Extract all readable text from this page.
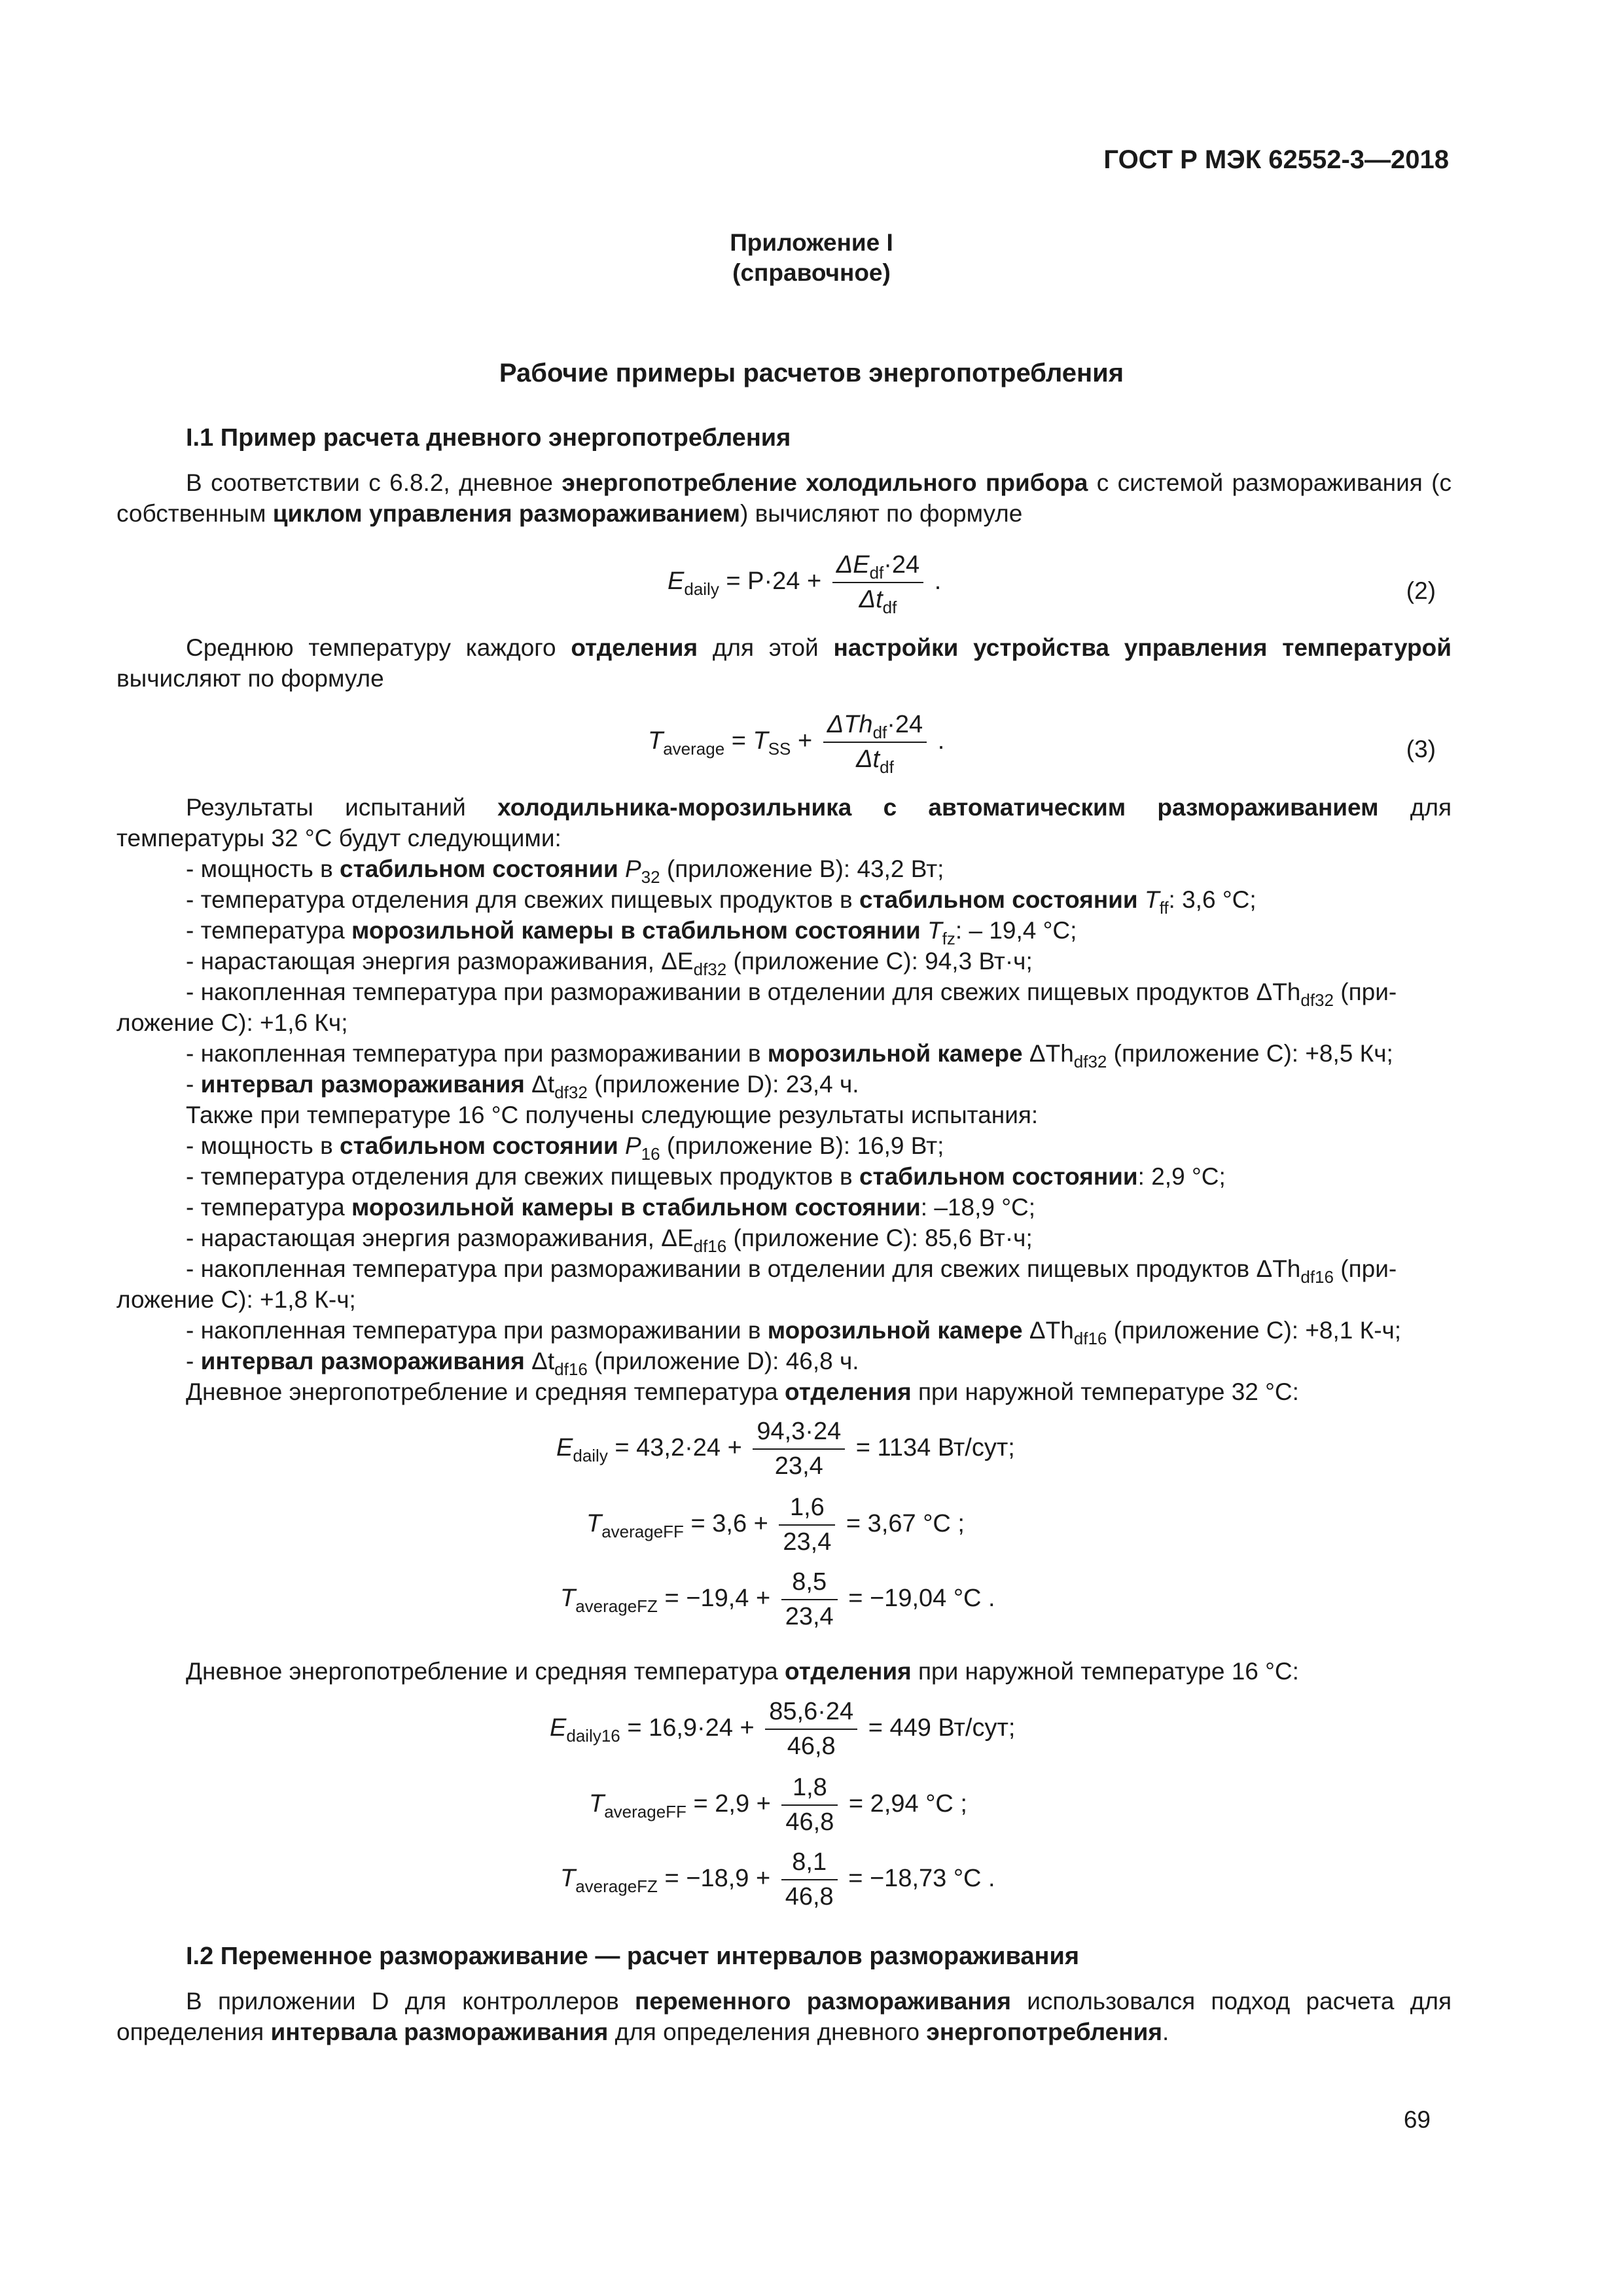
ГОСТ Р МЭК 62552-3—2018
Приложение I
(справочное)
Рабочие примеры расчетов энергопотребления
I.1 Пример расчета дневного энергопотребления
В соответствии с 6.8.2, дневное энергопотребление холодильного прибора с системой размораживания (с собственным циклом управления размораживанием) вычисляют по формуле
$E_{daily} = P\cdot 24 + \frac{\Delta E_{df}\cdot 24}{\Delta t_{df}}$ .	(2)
Среднюю температуру каждого отделения для этой настройки устройства управления температурой вычисляют по формуле
$T_{average} = T_{SS} + \frac{\Delta Th_{df}\cdot 24}{\Delta t_{df}}$ .	(3)
Результаты испытаний холодильника-морозильника с автоматическим размораживанием для температуры 32 °С будут следующими:
- мощность в стабильном состоянии $P_{32}$ (приложение В): 43,2 Вт;
- температура отделения для свежих пищевых продуктов в стабильном состоянии $T_{ff}$: 3,6 °С;
- температура морозильной камеры в стабильном состоянии $T_{fz}$: – 19,4 °С;
- нарастающая энергия размораживания, $\Delta E_{df32}$ (приложение С): 94,3 Вт·ч;
- накопленная температура при размораживании в отделении для свежих пищевых продуктов ΔTh$_{df32}$ (при-
ложение С): +1,6 Кч;
- накопленная температура при размораживании в морозильной камере ΔTh$_{df32}$ (приложение С): +8,5 Кч;
- интервал размораживания $\Delta t_{df32}$ (приложение D): 23,4 ч.
Также при температуре 16 °С получены следующие результаты испытания:
- мощность в стабильном состоянии $P_{16}$ (приложение В): 16,9 Вт;
- температура отделения для свежих пищевых продуктов в стабильном состоянии: 2,9 °С;
- температура морозильной камеры в стабильном состоянии: –18,9 °С;
- нарастающая энергия размораживания, $\Delta E_{df16}$ (приложение С): 85,6 Вт·ч;
- накопленная температура при размораживании в отделении для свежих пищевых продуктов ΔTh$_{df16}$ (при-
ложение С): +1,8 К-ч;
- накопленная температура при размораживании в морозильной камере ΔTh$_{df16}$ (приложение С): +8,1 К-ч;
- интервал размораживания $\Delta t_{df16}$ (приложение D): 46,8 ч.
Дневное энергопотребление и средняя температура отделения при наружной температуре 32 °С:
$E_{daily} = 43,2\cdot 24 + \frac{94,3\cdot 24}{23,4} = 1134$ Вт/сут;
$T_{averageFF} = 3,6 + \frac{1,6}{23,4} = 3,67$ °С ;
$T_{averageFZ} = -19,4 + \frac{8,5}{23,4} = -19,04$ °С .
Дневное энергопотребление и средняя температура отделения при наружной температуре 16 °С:
$E_{daily16} = 16,9\cdot 24 + \frac{85,6\cdot 24}{46,8} = 449$ Вт/сут;
$T_{averageFF} = 2,9 + \frac{1,8}{46,8} = 2,94$ °С ;
$T_{averageFZ} = -18,9 + \frac{8,1}{46,8} = -18,73$ °С .
I.2 Переменное размораживание — расчет интервалов размораживания
В приложении D для контроллеров переменного размораживания использовался подход расчета для определения интервала размораживания для определения дневного энергопотребления.
69
